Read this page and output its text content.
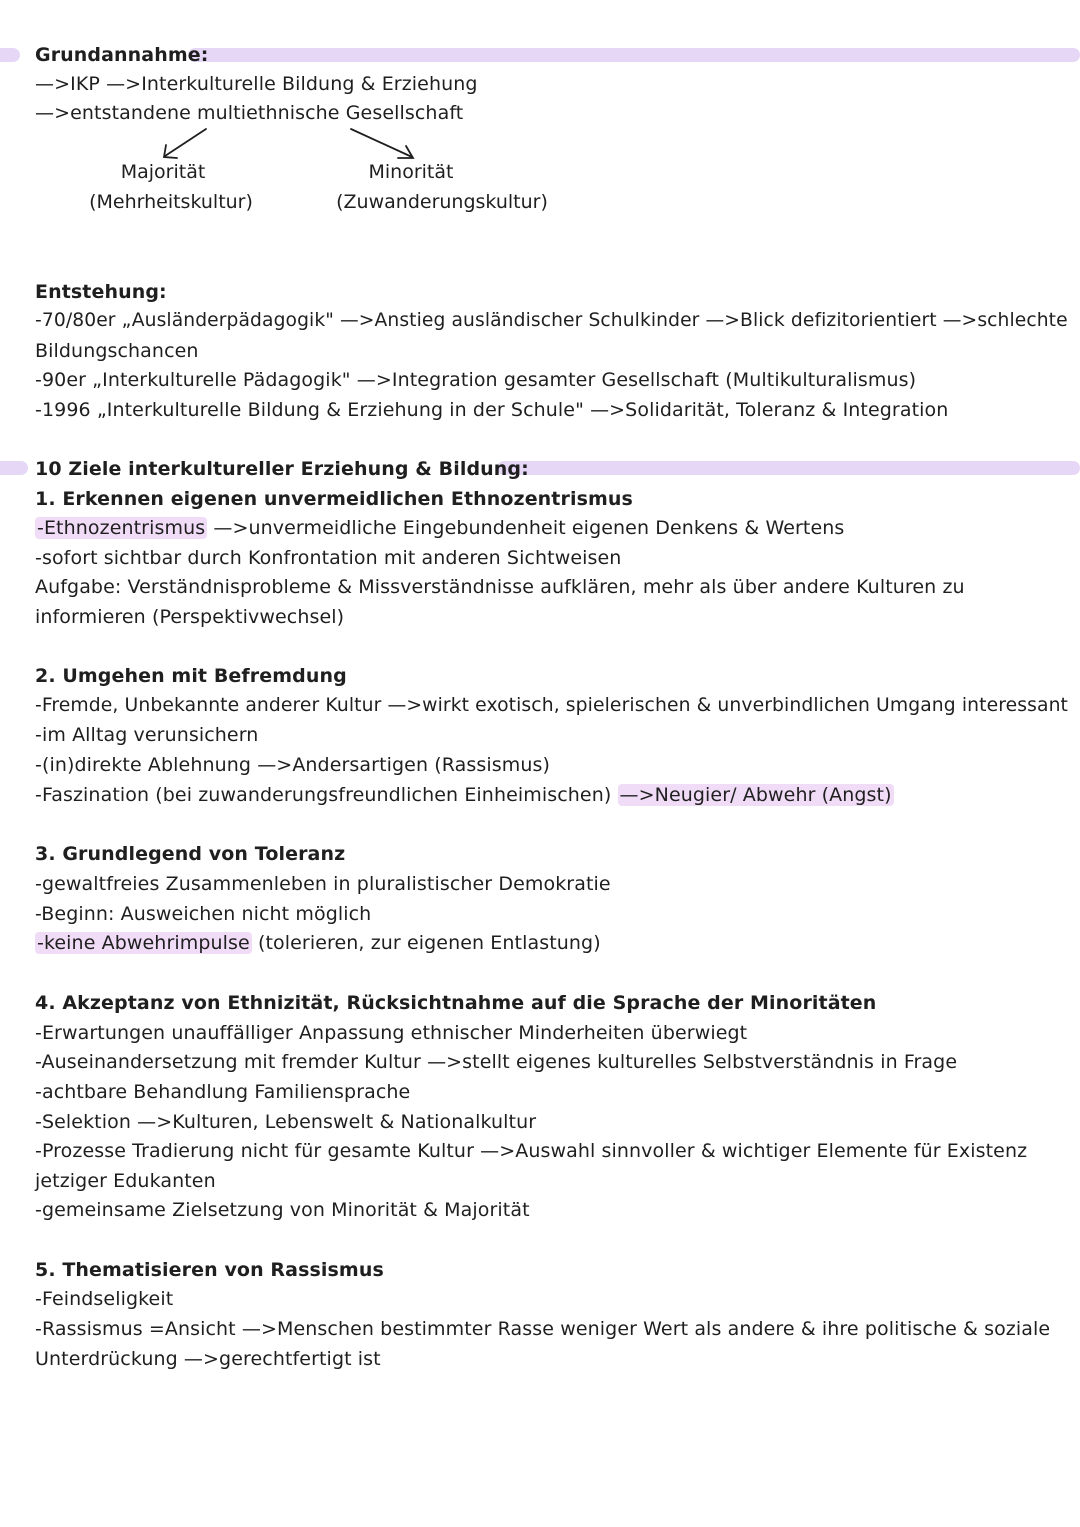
Grundannahme:
—>IKP —>Interkulturelle Bildung & Erziehung
—>entstandene multiethnische Gesellschaft
Majorität
(Mehrheitskultur)
Minorität
(Zuwanderungskultur)
Entstehung:
-70/80er „Ausländerpädagogik" —>Anstieg ausländischer Schulkinder —>Blick defizitorientiert —>schlechte
Bildungschancen
-90er „Interkulturelle Pädagogik" —>Integration gesamter Gesellschaft (Multikulturalismus)
-1996 „Interkulturelle Bildung & Erziehung in der Schule" —>Solidarität, Toleranz & Integration
10 Ziele interkultureller Erziehung & Bildung:
1. Erkennen eigenen unvermeidlichen Ethnozentrismus
-Ethnozentrismus —>unvermeidliche Eingebundenheit eigenen Denkens & Wertens
-sofort sichtbar durch Konfrontation mit anderen Sichtweisen
Aufgabe: Verständnisprobleme & Missverständnisse aufklären, mehr als über andere Kulturen zu
informieren (Perspektivwechsel)
2. Umgehen mit Befremdung
-Fremde, Unbekannte anderer Kultur —>wirkt exotisch, spielerischen & unverbindlichen Umgang interessant
-im Alltag verunsichern
-(in)direkte Ablehnung —>Andersartigen (Rassismus)
-Faszination (bei zuwanderungsfreundlichen Einheimischen) —>Neugier/ Abwehr (Angst)
3. Grundlegend von Toleranz
-gewaltfreies Zusammenleben in pluralistischer Demokratie
-Beginn: Ausweichen nicht möglich
-keine Abwehrimpulse (tolerieren, zur eigenen Entlastung)
4. Akzeptanz von Ethnizität, Rücksichtnahme auf die Sprache der Minoritäten
-Erwartungen unauffälliger Anpassung ethnischer Minderheiten überwiegt
-Auseinandersetzung mit fremder Kultur —>stellt eigenes kulturelles Selbstverständnis in Frage
-achtbare Behandlung Familiensprache
-Selektion —>Kulturen, Lebenswelt & Nationalkultur
-Prozesse Tradierung nicht für gesamte Kultur —>Auswahl sinnvoller & wichtiger Elemente für Existenz
jetziger Edukanten
-gemeinsame Zielsetzung von Minorität & Majorität
5. Thematisieren von Rassismus
-Feindseligkeit
-Rassismus =Ansicht —>Menschen bestimmter Rasse weniger Wert als andere & ihre politische & soziale
Unterdrückung —>gerechtfertigt ist
